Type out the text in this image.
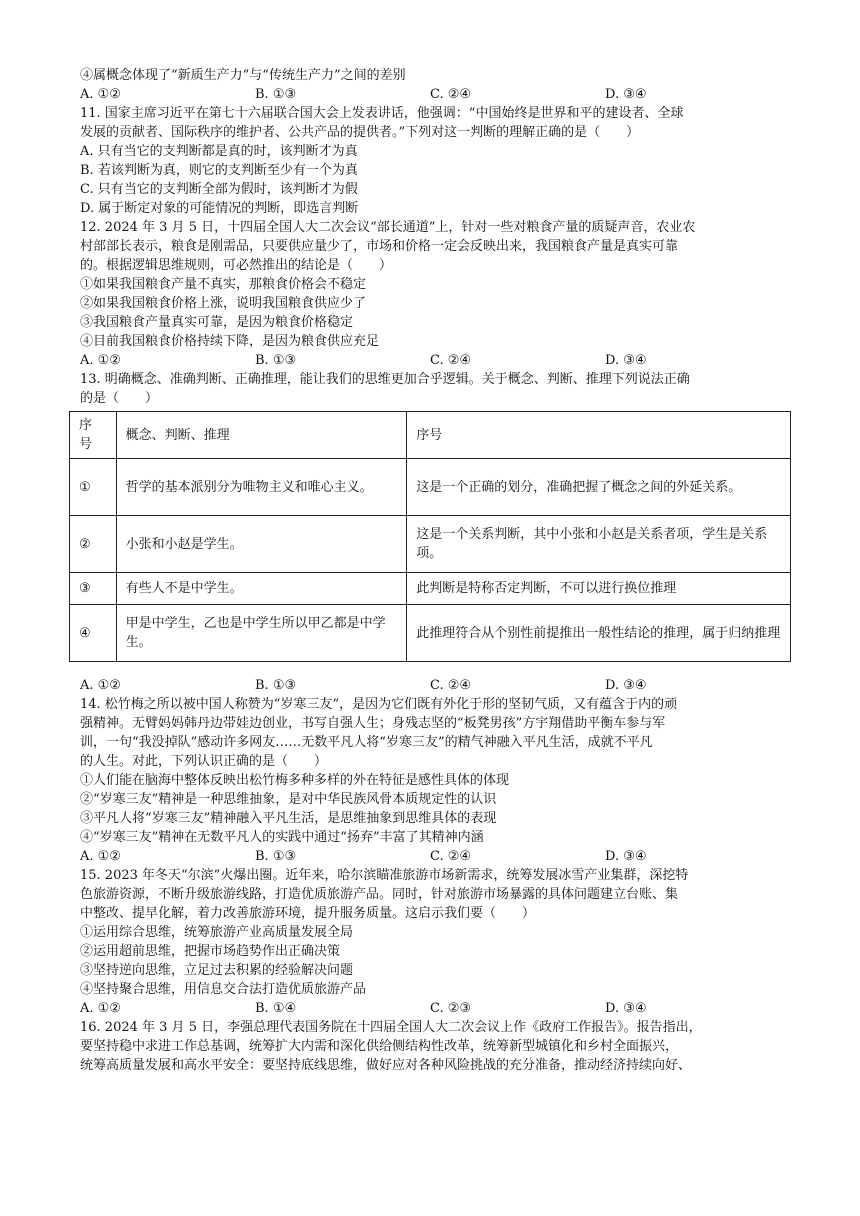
④属概念体现了“新质生产力”与“传统生产力”之间的差别
A. ①②	B. ①③	C. ②④	D. ③④
11. 国家主席习近平在第七十六届联合国大会上发表讲话，他强调：“中国始终是世界和平的建设者、全球
发展的贡献者、国际秩序的维护者、公共产品的提供者。”下列对这一判断的理解正确的是（　　）
A. 只有当它的支判断都是真的时，该判断才为真
B. 若该判断为真，则它的支判断至少有一个为真
C. 只有当它的支判断全部为假时，该判断才为假
D. 属于断定对象的可能情况的判断，即选言判断
12. 2024 年 3 月 5 日，十四届全国人大二次会议“部长通道”上，针对一些对粮食产量的质疑声音，农业农
村部部长表示，粮食是刚需品，只要供应量少了，市场和价格一定会反映出来，我国粮食产量是真实可靠
的。根据逻辑思维规则，可必然推出的结论是（　　）
①如果我国粮食产量不真实，那粮食价格会不稳定
②如果我国粮食价格上涨，说明我国粮食供应少了
③我国粮食产量真实可靠，是因为粮食价格稳定
④目前我国粮食价格持续下降，是因为粮食供应充足
A. ①②	B. ①③	C. ②④	D. ③④
13. 明确概念、准确判断、正确推理，能让我们的思维更加合乎逻辑。关于概念、判断、推理下列说法正确
的是（　　）
序
号	概念、判断、推理	序号
①	哲学的基本派别分为唯物主义和唯心主义。	这是一个正确的划分，准确把握了概念之间的外延关系。
②	小张和小赵是学生。	这是一个关系判断，其中小张和小赵是关系者项，学生是关系项。
③	有些人不是中学生。	此判断是特称否定判断，不可以进行换位推理
④	甲是中学生，乙也是中学生所以甲乙都是中学生。	此推理符合从个别性前提推出一般性结论的推理，属于归纳推理
A. ①②	B. ①③	C. ②④	D. ③④
14. 松竹梅之所以被中国人称赞为“岁寒三友”，是因为它们既有外化于形的坚韧气质，又有蕴含于内的顽
强精神。无臂妈妈韩丹边带娃边创业，书写自强人生；身残志坚的“板凳男孩”方宇翔借助平衡车参与军
训，一句“我没掉队”感动许多网友……无数平凡人将“岁寒三友”的精气神融入平凡生活，成就不平凡
的人生。对此，下列认识正确的是（　　）
①人们能在脑海中整体反映出松竹梅多种多样的外在特征是感性具体的体现
②“岁寒三友”精神是一种思维抽象，是对中华民族风骨本质规定性的认识
③平凡人将“岁寒三友”精神融入平凡生活，是思维抽象到思维具体的表现
④“岁寒三友”精神在无数平凡人的实践中通过“扬弃”丰富了其精神内涵
A. ①②	B. ①③	C. ②④	D. ③④
15. 2023 年冬天“尔滨”火爆出圈。近年来，哈尔滨瞄准旅游市场新需求，统筹发展冰雪产业集群，深挖特
色旅游资源，不断升级旅游线路，打造优质旅游产品。同时，针对旅游市场暴露的具体问题建立台账、集
中整改、提早化解，着力改善旅游环境，提升服务质量。这启示我们要（　　）
①运用综合思维，统筹旅游产业高质量发展全局
②运用超前思维，把握市场趋势作出正确决策
③坚持逆向思维，立足过去积累的经验解决问题
④坚持聚合思维，用信息交合法打造优质旅游产品
A. ①②	B. ①④	C. ②③	D. ③④
16. 2024 年 3 月 5 日，李强总理代表国务院在十四届全国人大二次会议上作《政府工作报告》。报告指出，
要坚持稳中求进工作总基调，统筹扩大内需和深化供给侧结构性改革，统筹新型城镇化和乡村全面振兴，
统筹高质量发展和高水平安全：要坚持底线思维，做好应对各种风险挑战的充分准备，推动经济持续向好、
